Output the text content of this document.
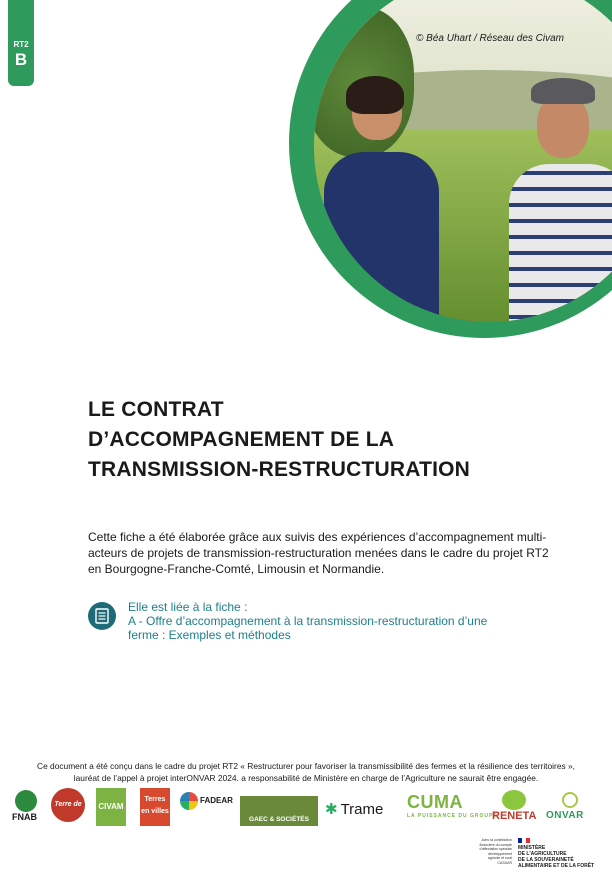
RT2
B
© Béa Uhart / Réseau des Civam
LE CONTRAT
D’ACCOMPAGNEMENT DE LA
TRANSMISSION-RESTRUCTURATION

Cette fiche a été élaborée grâce aux suivis des expériences d’accompagnement multi-acteurs de projets de transmission-restructuration menées dans le cadre du projet RT2 en Bourgogne-Franche-Comté, Limousin et Normandie.

Elle est liée à la fiche :
A - Offre d’accompagnement à la transmission-restructuration d’une
ferme : Exemples et méthodes
Ce document a été conçu dans le cadre du projet RT2 « Restructurer pour favoriser la transmissibilité des fermes et la résilience des territoires »,
lauréat de l’appel à projet interONVAR 2024. a responsabilité de Ministère en charge de l’Agriculture ne saurait être engagée.
FNAB
Terre de liens
CIVAM
Terres en villes
FADEAR
GAEC & SOCIÉTÉS
✱ Trame CUMA
LA PUISSANCE DU GROUPE
RENETA ONVAR
Avec la contribution financière du compte d'affectation spéciale développement agricole et rural CASDAR
MINISTÈRE
DE L'AGRICULTURE
DE LA SOUVERAINETÉ
ALIMENTAIRE ET DE LA FORÊT
